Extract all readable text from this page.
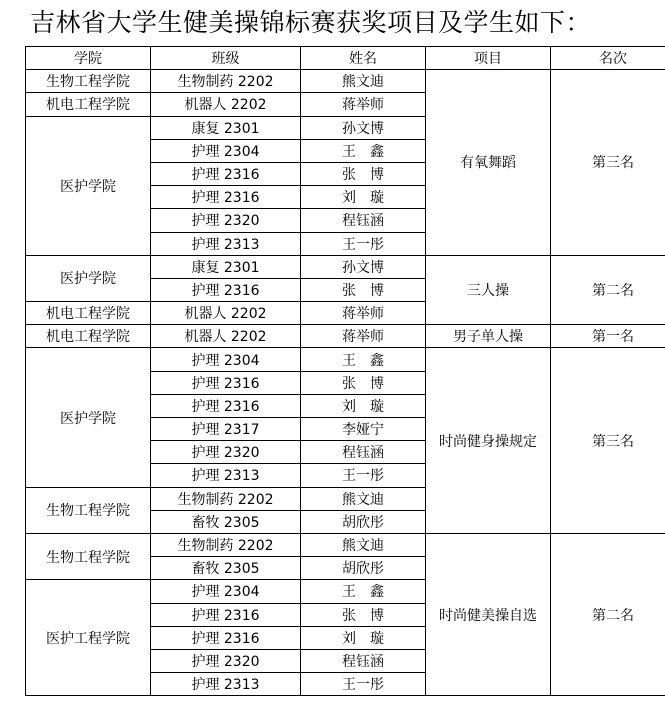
吉林省大学生健美操锦标赛获奖项目及学生如下：
学院	班级	姓名	项目	名次
生物工程学院	生物制药 2202	熊文迪	有氧舞蹈	第三名
机电工程学院	机器人 2202	蒋举师		
医护学院	康复 2301	孙文博		
	护理 2304	王　鑫		
	护理 2316	张　博		
	护理 2316	刘　璇		
	护理 2320	程钰涵		
	护理 2313	王一彤		
医护学院	康复 2301	孙文博	三人操	第二名
	护理 2316	张　博		
机电工程学院	机器人 2202	蒋举师		
机电工程学院	机器人 2202	蒋举师	男子单人操	第一名
医护学院	护理 2304	王　鑫	时尚健身操规定	第三名
	护理 2316	张　博		
	护理 2316	刘　璇		
	护理 2317	李娅宁		
	护理 2320	程钰涵		
	护理 2313	王一彤		
生物工程学院	生物制药 2202	熊文迪		
	畜牧 2305	胡欣彤		
生物工程学院	生物制药 2202	熊文迪	时尚健美操自选	第二名
	畜牧 2305	胡欣彤		
医护工程学院	护理 2304	王　鑫		
	护理 2316	张　博		
	护理 2316	刘　璇		
	护理 2320	程钰涵		
	护理 2313	王一彤		
